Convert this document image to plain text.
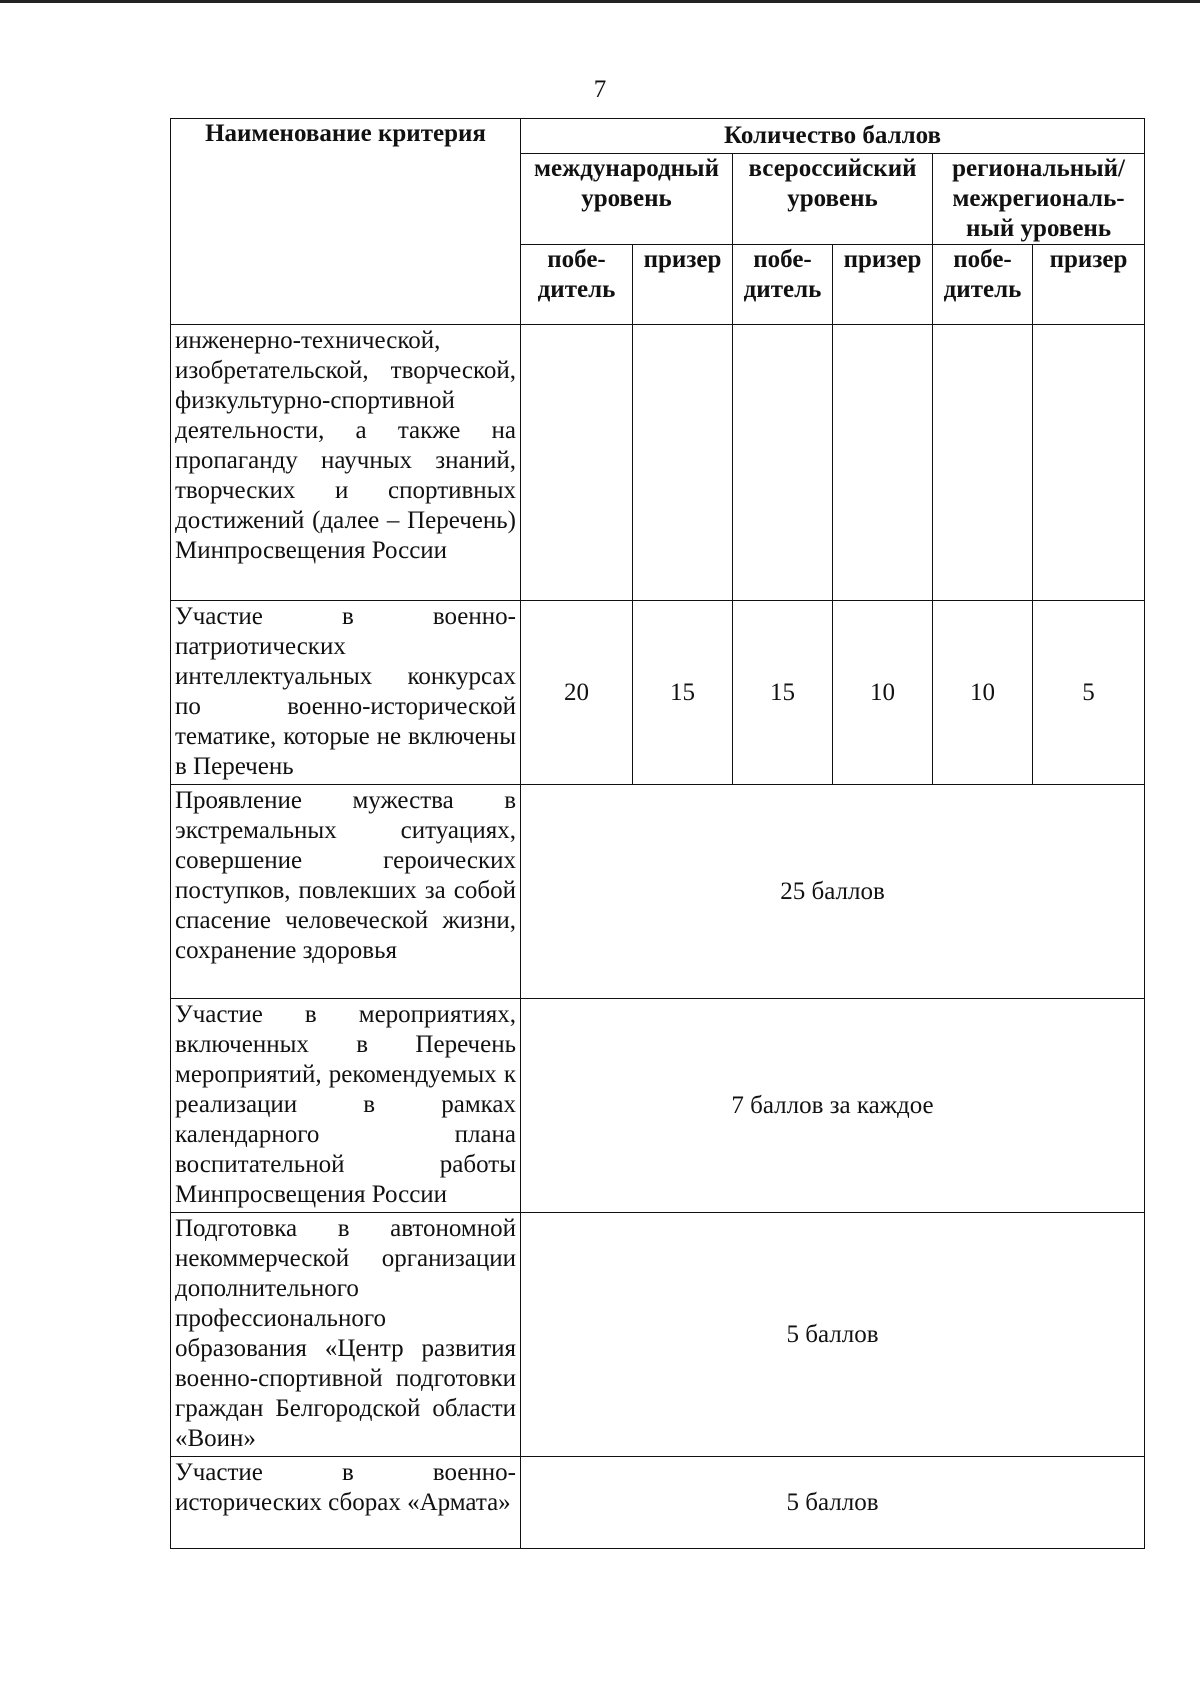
7
Наименование критерия	Количество баллов					
	международный уровень		всероссийский уровень		региональный/ межрегиональ-ный уровень	
	побе-дитель	призер	побе-дитель	призер	побе-дитель	призер
инженерно-технической, изобретательской, творческой, физкультурно-спортивной деятельности, а также на пропаганду научных знаний, творческих и спортивных достижений (далее – Перечень) Минпросвещения России						
Участие в военно-патриотических интеллектуальных конкурсах по военно-исторической тематике, которые не включены в Перечень	20	15	15	10	10	5
Проявление мужества в экстремальных ситуациях, совершение героических поступков, повлекших за собой спасение человеческой жизни, сохранение здоровья	25 баллов					
Участие в мероприятиях, включенных в Перечень мероприятий, рекомендуемых к реализации в рамках календарного плана воспитательной работы Минпросвещения России	7 баллов за каждое					
Подготовка в автономной некоммерческой организации дополнительного профессионального образования «Центр развития военно-спортивной подготовки граждан Белгородской области «Воин»	5 баллов					
Участие в военно-исторических сборах «Армата»	5 баллов					
